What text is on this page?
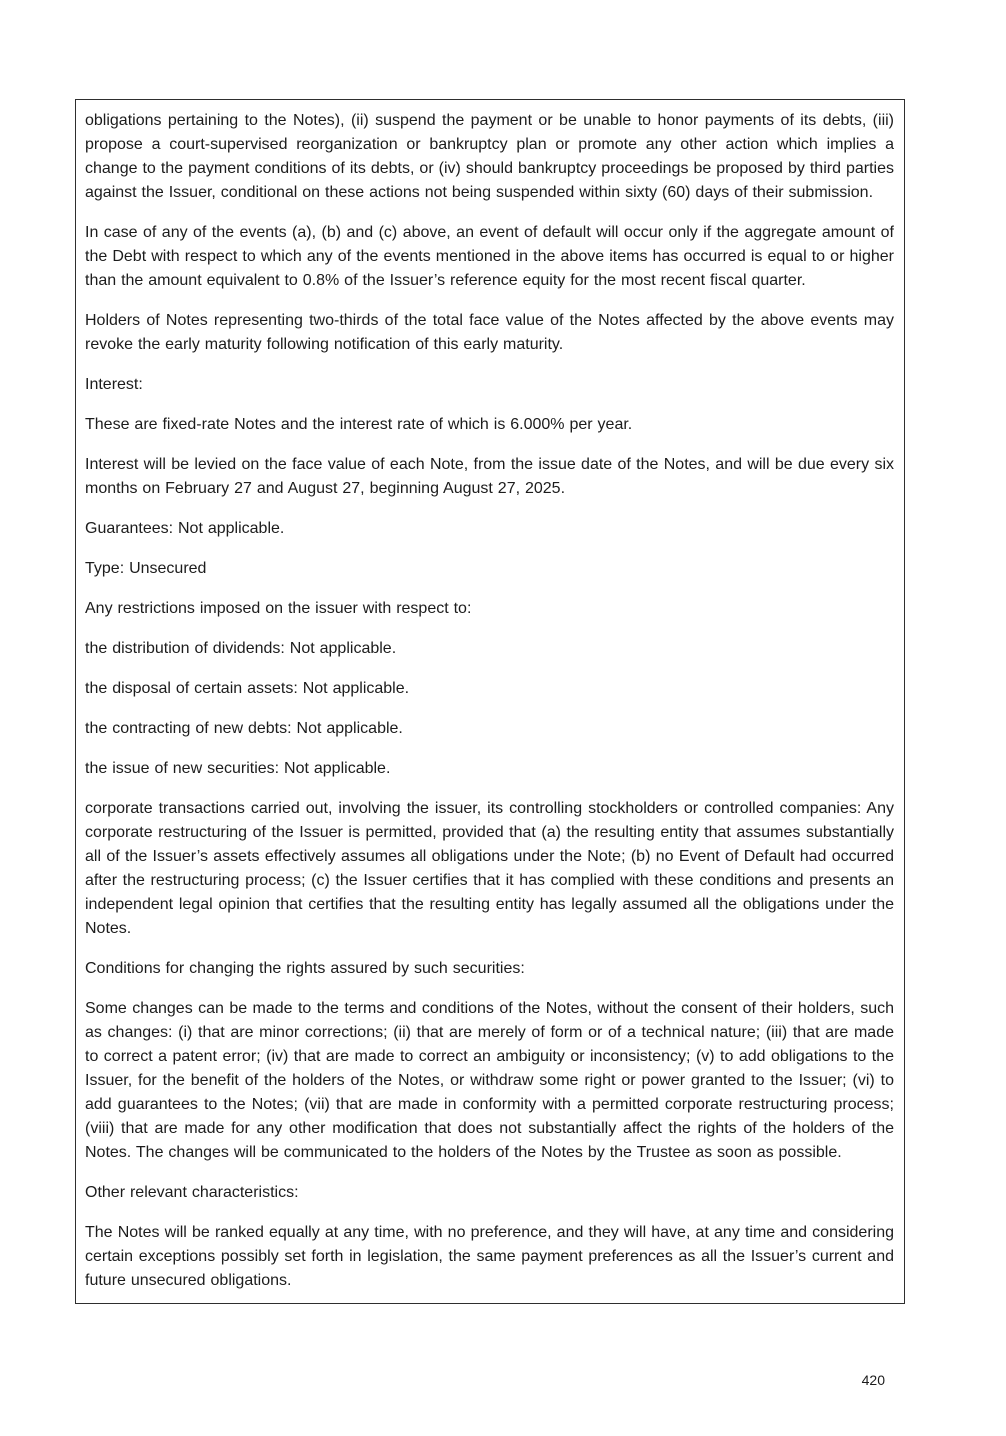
obligations pertaining to the Notes), (ii) suspend the payment or be unable to honor payments of its debts, (iii) propose a court-supervised reorganization or bankruptcy plan or promote any other action which implies a change to the payment conditions of its debts, or (iv) should bankruptcy proceedings be proposed by third parties against the Issuer, conditional on these actions not being suspended within sixty (60) days of their submission.

In case of any of the events (a), (b) and (c) above, an event of default will occur only if the aggregate amount of the Debt with respect to which any of the events mentioned in the above items has occurred is equal to or higher than the amount equivalent to 0.8% of the Issuer’s reference equity for the most recent fiscal quarter.

Holders of Notes representing two-thirds of the total face value of the Notes affected by the above events may revoke the early maturity following notification of this early maturity.

Interest:

These are fixed-rate Notes and the interest rate of which is 6.000% per year.

Interest will be levied on the face value of each Note, from the issue date of the Notes, and will be due every six months on February 27 and August 27, beginning August 27, 2025.

Guarantees: Not applicable.

Type: Unsecured

Any restrictions imposed on the issuer with respect to:

the distribution of dividends: Not applicable.

the disposal of certain assets: Not applicable.

the contracting of new debts: Not applicable.

the issue of new securities: Not applicable.

corporate transactions carried out, involving the issuer, its controlling stockholders or controlled companies: Any corporate restructuring of the Issuer is permitted, provided that (a) the resulting entity that assumes substantially all of the Issuer’s assets effectively assumes all obligations under the Note; (b) no Event of Default had occurred after the restructuring process; (c) the Issuer certifies that it has complied with these conditions and presents an independent legal opinion that certifies that the resulting entity has legally assumed all the obligations under the Notes.

Conditions for changing the rights assured by such securities:

Some changes can be made to the terms and conditions of the Notes, without the consent of their holders, such as changes: (i) that are minor corrections; (ii) that are merely of form or of a technical nature; (iii) that are made to correct a patent error; (iv) that are made to correct an ambiguity or inconsistency; (v) to add obligations to the Issuer, for the benefit of the holders of the Notes, or withdraw some right or power granted to the Issuer; (vi) to add guarantees to the Notes; (vii) that are made in conformity with a permitted corporate restructuring process; (viii) that are made for any other modification that does not substantially affect the rights of the holders of the Notes. The changes will be communicated to the holders of the Notes by the Trustee as soon as possible.

Other relevant characteristics:

The Notes will be ranked equally at any time, with no preference, and they will have, at any time and considering certain exceptions possibly set forth in legislation, the same payment preferences as all the Issuer’s current and future unsecured obligations.

420
